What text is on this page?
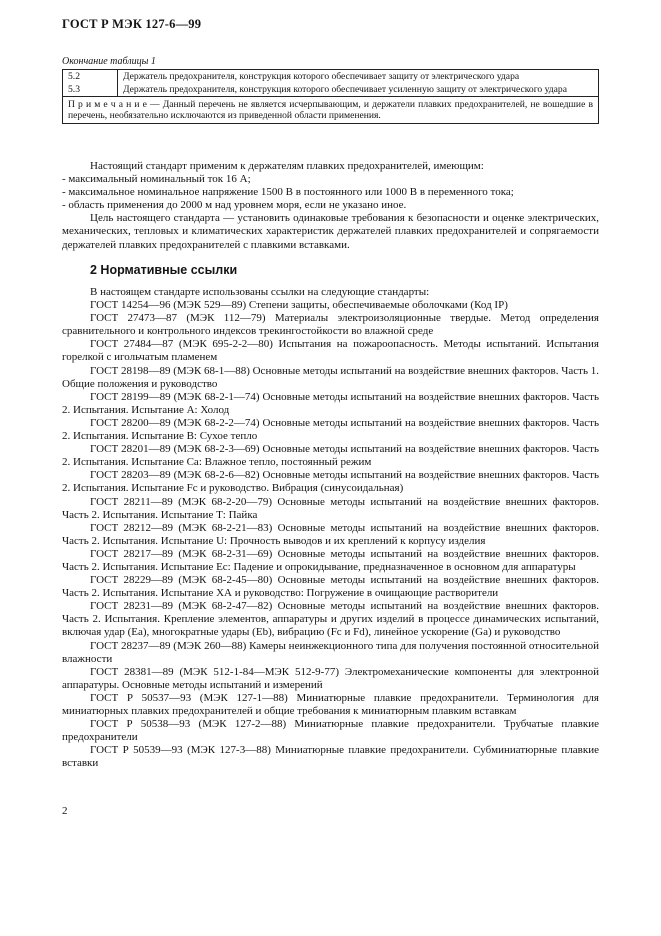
ГОСТ Р МЭК 127-6—99
Окончание таблицы 1
5.2	Держатель предохранителя, конструкция которого обеспечивает защиту от электрического удара
5.3	Держатель предохранителя, конструкция которого обеспечивает усиленную защиту от электрического удара
П р и м е ч а н и е — Данный перечень не является исчерпывающим, и держатели плавких предохранителей, не вошедшие в перечень, необязательно исключаются из приведенной области применения.	

Настоящий стандарт применим к держателям плавких предохранителей, имеющим:

- максимальный номинальный ток 16 А;

- максимальное номинальное напряжение 1500 В в постоянного или 1000 В в переменного тока;

- область применения до 2000 м над уровнем моря, если не указано иное.

Цель настоящего стандарта — установить одинаковые требования к безопасности и оценке электрических, механических, тепловых и климатических характеристик держателей плавких предохранителей и сопрягаемости держателей плавких предохранителей с плавкими вставками.

2 Нормативные ссылки

В настоящем стандарте использованы ссылки на следующие стандарты:

ГОСТ 14254—96 (МЭК 529—89) Степени защиты, обеспечиваемые оболочками (Код IP)

ГОСТ 27473—87 (МЭК 112—79) Материалы электроизоляционные твердые. Метод определения сравнительного и контрольного индексов трекингостойкости во влажной среде

ГОСТ 27484—87 (МЭК 695-2-2—80) Испытания на пожароопасность. Методы испытаний. Испытания горелкой с игольчатым пламенем

ГОСТ 28198—89 (МЭК 68-1—88) Основные методы испытаний на воздействие внешних факторов. Часть 1. Общие положения и руководство

ГОСТ 28199—89 (МЭК 68-2-1—74) Основные методы испытаний на воздействие внешних факторов. Часть 2. Испытания. Испытание А: Холод

ГОСТ 28200—89 (МЭК 68-2-2—74) Основные методы испытаний на воздействие внешних факторов. Часть 2. Испытания. Испытание В: Сухое тепло

ГОСТ 28201—89 (МЭК 68-2-3—69) Основные методы испытаний на воздействие внешних факторов. Часть 2. Испытания. Испытание Са: Влажное тепло, постоянный режим

ГОСТ 28203—89 (МЭК 68-2-6—82) Основные методы испытаний на воздействие внешних факторов. Часть 2. Испытания. Испытание Fc и руководство. Вибрация (синусоидальная)

ГОСТ 28211—89 (МЭК 68-2-20—79) Основные методы испытаний на воздействие внешних факторов. Часть 2. Испытания. Испытание Т: Пайка

ГОСТ 28212—89 (МЭК 68-2-21—83) Основные методы испытаний на воздействие внешних факторов. Часть 2. Испытания. Испытание U: Прочность выводов и их креплений к корпусу изделия

ГОСТ 28217—89 (МЭК 68-2-31—69) Основные методы испытаний на воздействие внешних факторов. Часть 2. Испытания. Испытание Ес: Падение и опрокидывание, предназначенное в основном для аппаратуры

ГОСТ 28229—89 (МЭК 68-2-45—80) Основные методы испытаний на воздействие внешних факторов. Часть 2. Испытания. Испытание ХА и руководство: Погружение в очищающие растворители

ГОСТ 28231—89 (МЭК 68-2-47—82) Основные методы испытаний на воздействие внешних факторов. Часть 2. Испытания. Крепление элементов, аппаратуры и других изделий в процессе динамических испытаний, включая удар (Еа), многократные удары (Еb), вибрацию (Fc и Fd), линейное ускорение (Ga) и руководство

ГОСТ 28237—89 (МЭК 260—88) Камеры неинжекционного типа для получения постоянной относительной влажности

ГОСТ 28381—89 (МЭК 512-1-84—МЭК 512-9-77) Электромеханические компоненты для электронной аппаратуры. Основные методы испытаний и измерений

ГОСТ Р 50537—93 (МЭК 127-1—88) Миниатюрные плавкие предохранители. Терминология для миниатюрных плавких предохранителей и общие требования к миниатюрным плавким вставкам

ГОСТ Р 50538—93 (МЭК 127-2—88) Миниатюрные плавкие предохранители. Трубчатые плавкие предохранители

ГОСТ Р 50539—93 (МЭК 127-3—88) Миниатюрные плавкие предохранители. Субминиатюрные плавкие вставки

2
